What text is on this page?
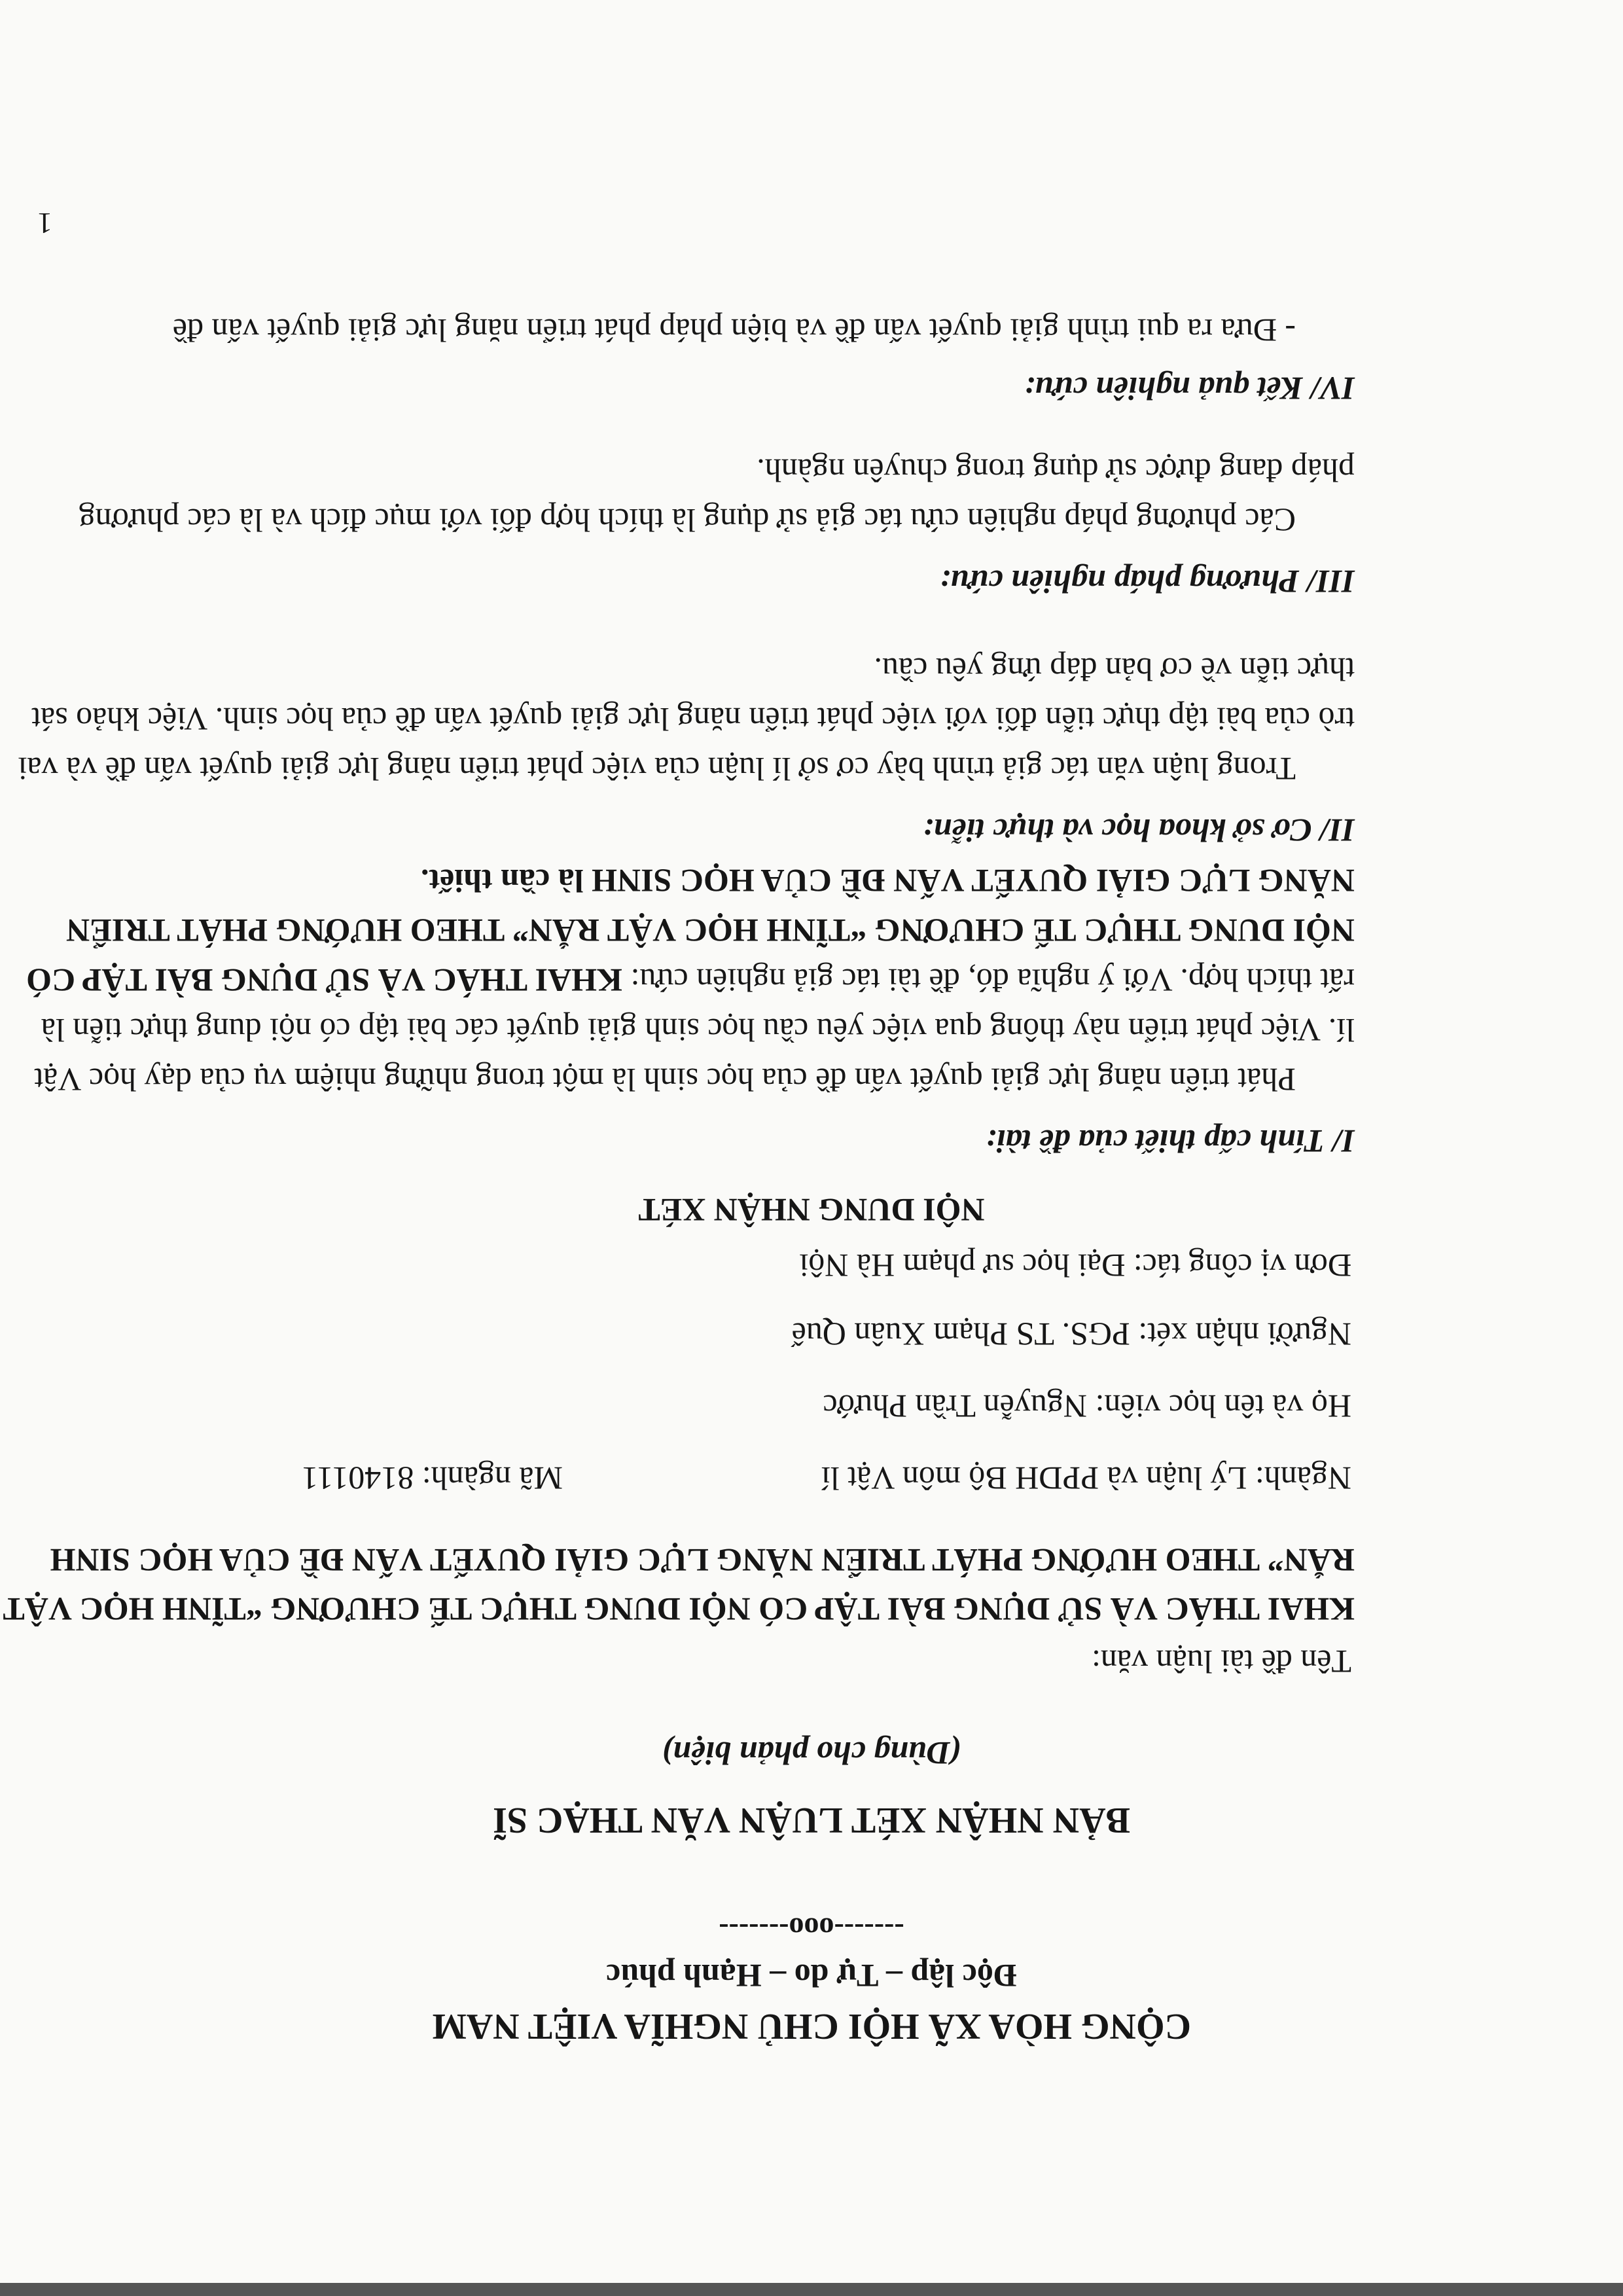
CỘNG HÒA XÃ HỘI CHỦ NGHĨA VIỆT NAM
Độc lập – Tự do – Hạnh phúc
-------ooo-------
BẢN NHẬN XÉT LUẬN VĂN THẠC SĨ
(Dùng cho phản biện)
Tên đề tài luận văn:
KHAI THÁC VÀ SỬ DỤNG BÀI TẬP CÓ NỘI DUNG THỰC TẾ CHƯƠNG “TĨNH HỌC VẬT
RẮN” THEO HƯỚNG PHÁT TRIỂN NĂNG LỰC GIẢI QUYẾT VẤN ĐỀ CỦA HỌC SINH
Ngành: Lý luận và PPDH Bộ môn Vật lí
Mã ngành: 8140111
Họ và tên học viên: Nguyễn Trần Phước
Người nhận xét: PGS. TS Phạm Xuân Quế
Đơn vị công tác: Đại học sư phạm Hà Nội
NỘI DUNG NHẬN XÉT
I/ Tính cấp thiết của đề tài:
Phát triển năng lực giải quyết vấn đề của học sinh là một trong những nhiệm vụ của dạy học Vật lí. Việc phát triển này thông qua việc yêu cầu học sinh giải quyết các bài tập có nội dung thực tiễn là rất thích hợp. Với ý nghĩa đó, đề tài tác giả nghiên cứu: KHAI THÁC VÀ SỬ DỤNG BÀI TẬP CÓ NỘI DUNG THỰC TẾ CHƯƠNG “TĨNH HỌC VẬT RẮN” THEO HƯỚNG PHÁT TRIỂN NĂNG LỰC GIẢI QUYẾT VẤN ĐỀ CỦA HỌC SINH là cần thiết.
II/ Cơ sở khoa học và thực tiễn:
Trong luận văn tác giả trình bày cơ sở lí luận của việc phát triển năng lực giải quyết vấn đề và vai trò của bài tập thực tiễn đối với việc phát triển năng lực giải quyết vấn đề của học sinh. Việc khảo sát thực tiễn về cơ bản đáp ứng yêu cầu.
III/ Phương pháp nghiên cứu:
Các phương pháp nghiên cứu tác giả sử dụng là thích hợp đối với mục đích và là các phương pháp đang được sử dụng trong chuyên ngành.
IV/ Kết quả nghiên cứu:
- Đưa ra qui trình giải quyết vấn đề và biện pháp phát triển năng lực giải quyết vấn đề
1
